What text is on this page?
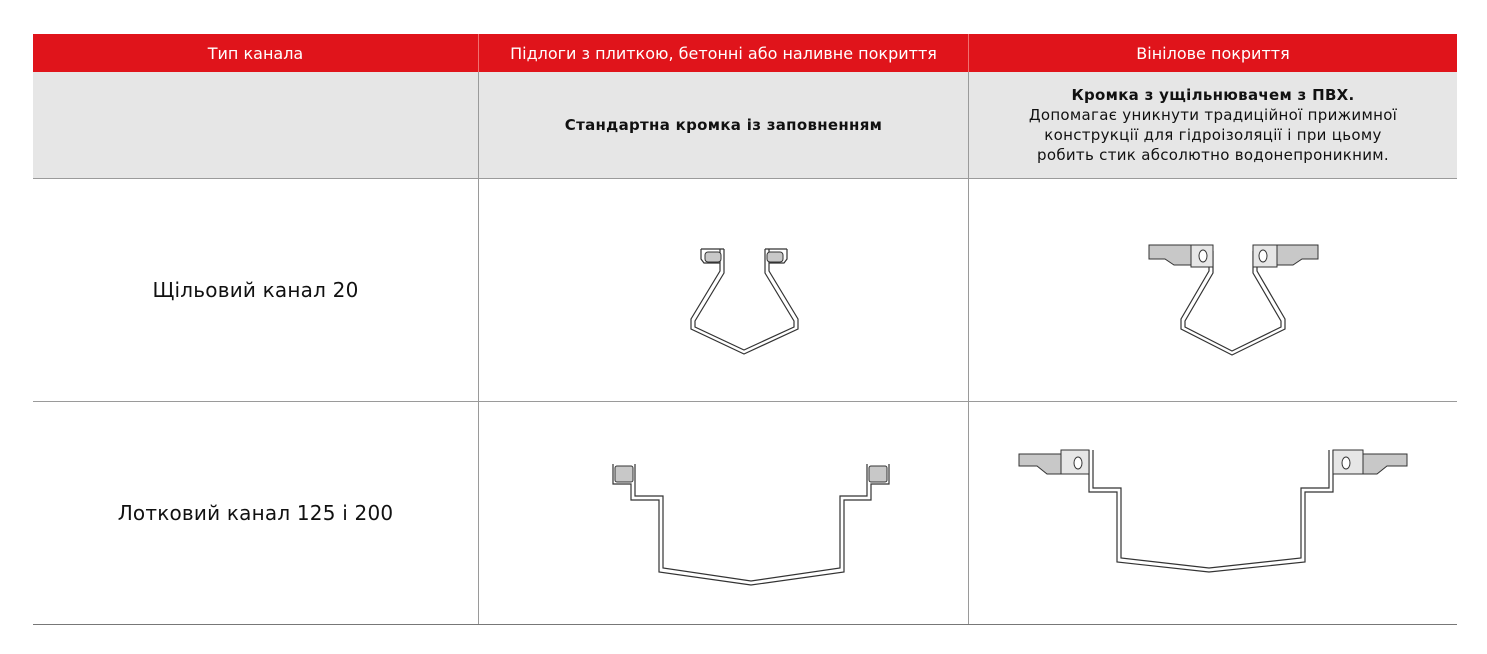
Тип канала	Підлоги з плиткою, бетонні або наливне покриття	Вінілове покриття
Стандартна кромка із заповненням
Кромка з ущільнювачем з ПВХ.
Допомагає уникнути традиційної прижимної
конструкції для гідроізоляції і при цьому
робить стик абсолютно водонепроникним.
Щільовий канал 20
Лотковий канал 125 і 200
